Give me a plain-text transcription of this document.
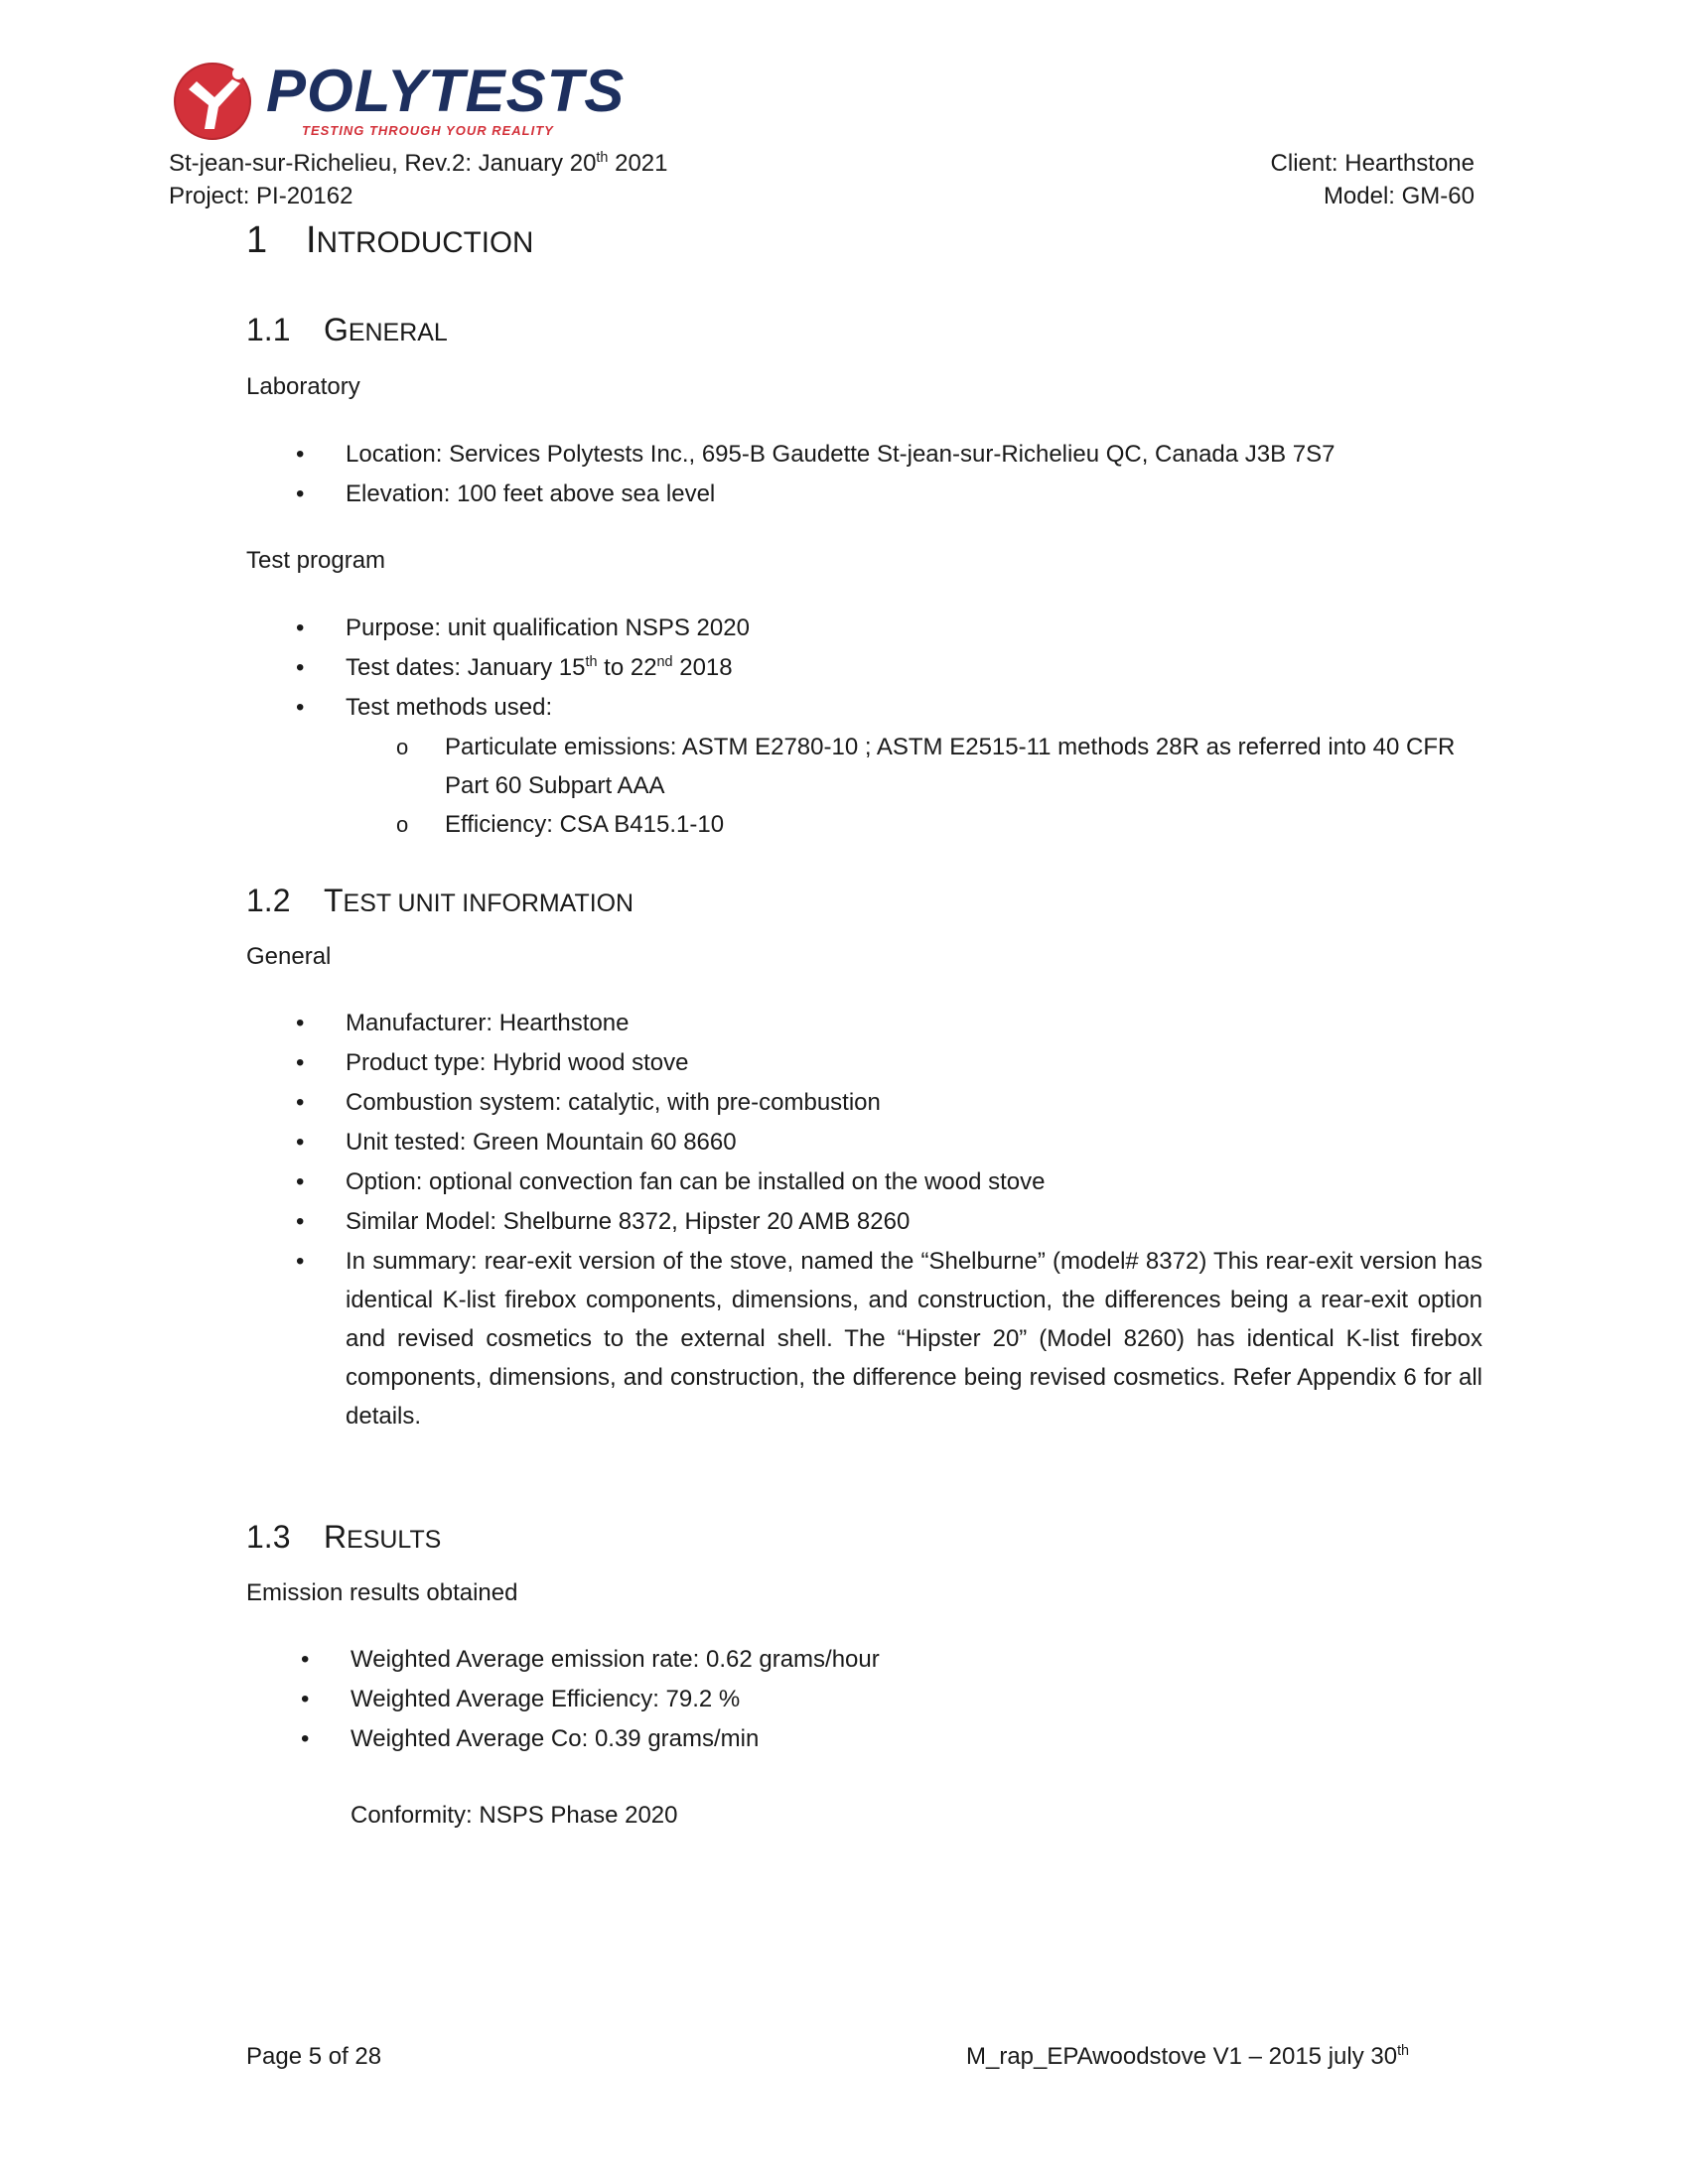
POLYTESTS
TESTING THROUGH YOUR REALITY
St-jean-sur-Richelieu, Rev.2: January 20th 2021
Project: PI-20162
Client: Hearthstone
Model: GM-60
1 INTRODUCTION
1.1 GENERAL
Laboratory
• Location: Services Polytests Inc., 695-B Gaudette St-jean-sur-Richelieu QC, Canada J3B 7S7
• Elevation: 100 feet above sea level
Test program
• Purpose: unit qualification NSPS 2020
• Test dates: January 15th to 22nd 2018
• Test methods used:
o Particulate emissions: ASTM E2780-10 ; ASTM E2515-11 methods 28R as referred into 40 CFR
Part 60 Subpart AAA
o Efficiency: CSA B415.1-10
1.2 TEST UNIT INFORMATION
General
• Manufacturer: Hearthstone
• Product type: Hybrid wood stove
• Combustion system: catalytic, with pre-combustion
• Unit tested: Green Mountain 60 8660
• Option: optional convection fan can be installed on the wood stove
• Similar Model: Shelburne 8372, Hipster 20 AMB 8260
• In summary: rear-exit version of the stove, named the “Shelburne” (model# 8372) This rear-exit version has identical K-list firebox components, dimensions, and construction, the differences being a rear-exit option and revised cosmetics to the external shell. The “Hipster 20” (Model 8260) has identical K-list firebox components, dimensions, and construction, the difference being revised cosmetics. Refer Appendix 6 for all details.
1.3 RESULTS
Emission results obtained
• Weighted Average emission rate: 0.62 grams/hour
• Weighted Average Efficiency: 79.2 %
• Weighted Average Co: 0.39 grams/min
Conformity: NSPS Phase 2020
Page 5 of 28	M_rap_EPAwoodstove V1 – 2015 july 30th
